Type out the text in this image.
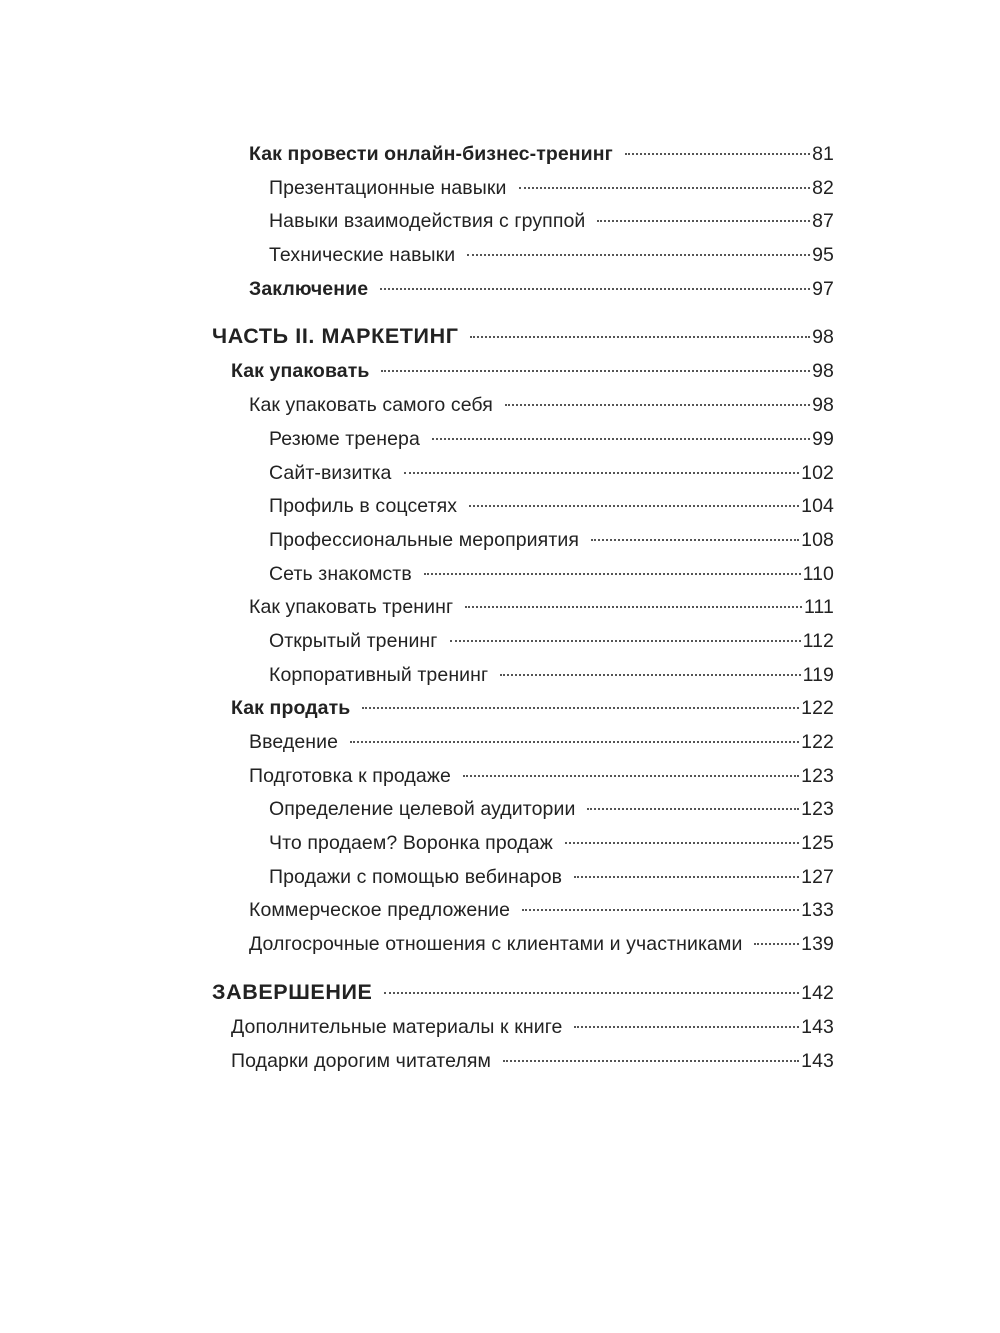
Как провести онлайн-бизнес-тренинг	81
Презентационные навыки	82
Навыки взаимодействия с группой	87
Технические навыки	95
Заключение	97
ЧАСТЬ II. МАРКЕТИНГ	98
Как упаковать	98
Как упаковать самого себя	98
Резюме тренера	99
Сайт-визитка	102
Профиль в соцсетях	104
Профессиональные мероприятия	108
Сеть знакомств	110
Как упаковать тренинг	111
Открытый тренинг	112
Корпоративный тренинг	119
Как продать	122
Введение	122
Подготовка к продаже	123
Определение целевой аудитории	123
Что продаем? Воронка продаж	125
Продажи с помощью вебинаров	127
Коммерческое предложение	133
Долгосрочные отношения с клиентами и участниками	139
ЗАВЕРШЕНИЕ	142
Дополнительные материалы к книге	143
Подарки дорогим читателям	143
